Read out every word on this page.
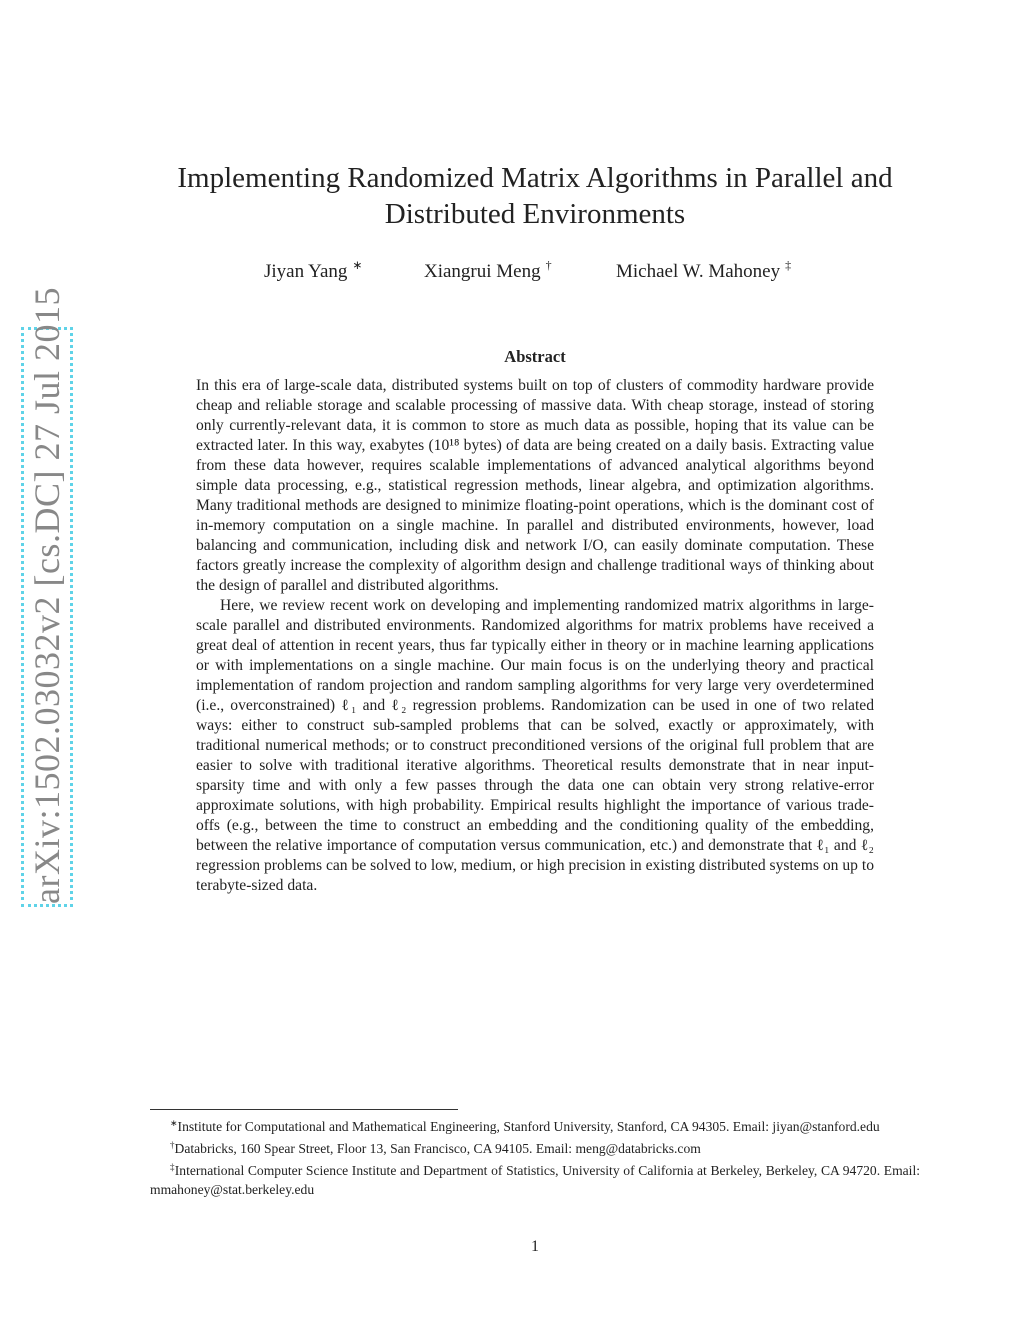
arXiv:1502.03032v2 [cs.DC] 27 Jul 2015
Implementing Randomized Matrix Algorithms in Parallel and Distributed Environments
Jiyan Yang ∗	Xiangrui Meng †	Michael W. Mahoney ‡
Abstract

In this era of large-scale data, distributed systems built on top of clusters of commodity hardware provide cheap and reliable storage and scalable processing of massive data. With cheap storage, instead of storing only currently-relevant data, it is common to store as much data as possible, hoping that its value can be extracted later. In this way, exabytes (10¹⁸ bytes) of data are being created on a daily basis. Extracting value from these data however, requires scalable implementations of advanced analytical algorithms beyond simple data processing, e.g., statistical regression methods, linear algebra, and optimization algorithms. Many traditional methods are designed to minimize floating-point operations, which is the dominant cost of in-memory computation on a single machine. In parallel and distributed environments, however, load balancing and communication, including disk and network I/O, can easily dominate computation. These factors greatly increase the complexity of algorithm design and challenge traditional ways of thinking about the design of parallel and distributed algorithms.

Here, we review recent work on developing and implementing randomized matrix algorithms in large-scale parallel and distributed environments. Randomized algorithms for matrix problems have received a great deal of attention in recent years, thus far typically either in theory or in machine learning applications or with implementations on a single machine. Our main focus is on the underlying theory and practical implementation of random projection and random sampling algorithms for very large very overdetermined (i.e., overconstrained) ℓ₁ and ℓ₂ regression problems. Randomization can be used in one of two related ways: either to construct sub-sampled problems that can be solved, exactly or approximately, with traditional numerical methods; or to construct preconditioned versions of the original full problem that are easier to solve with traditional iterative algorithms. Theoretical results demonstrate that in near input-sparsity time and with only a few passes through the data one can obtain very strong relative-error approximate solutions, with high probability. Empirical results highlight the importance of various trade-offs (e.g., between the time to construct an embedding and the conditioning quality of the embedding, between the relative importance of computation versus communication, etc.) and demonstrate that ℓ₁ and ℓ₂ regression problems can be solved to low, medium, or high precision in existing distributed systems on up to terabyte-sized data.

∗Institute for Computational and Mathematical Engineering, Stanford University, Stanford, CA 94305. Email: jiyan@stanford.edu

†Databricks, 160 Spear Street, Floor 13, San Francisco, CA 94105. Email: meng@databricks.com

‡International Computer Science Institute and Department of Statistics, University of California at Berkeley, Berkeley, CA 94720. Email: mmahoney@stat.berkeley.edu

1
